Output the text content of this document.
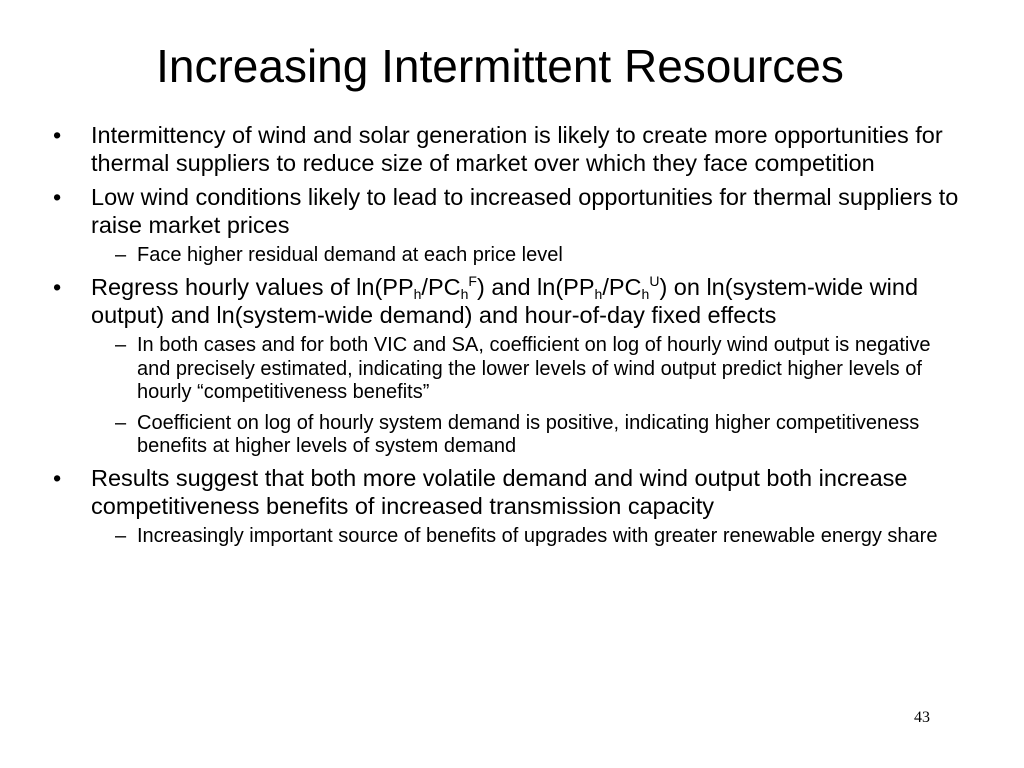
Increasing Intermittent Resources
• Intermittency of wind and solar generation is likely to create more opportunities for thermal suppliers to reduce size of market over which they face competition
• Low wind conditions likely to lead to increased opportunities for thermal suppliers to raise market prices
– Face higher residual demand at each price level
• Regress hourly values of $\ln(PP_h/PC_h^F)$ and $\ln(PP_h/PC_h^U)$ on ln(system-wide wind output) and ln(system-wide demand) and hour-of-day fixed effects
– In both cases and for both VIC and SA, coefficient on log of hourly wind output is negative and precisely estimated, indicating the lower levels of wind output predict higher levels of hourly “competitiveness benefits”
– Coefficient on log of hourly system demand is positive, indicating higher competitiveness benefits at higher levels of system demand
• Results suggest that both more volatile demand and wind output both increase competitiveness benefits of increased transmission capacity
– Increasingly important source of benefits of upgrades with greater renewable energy share
43
